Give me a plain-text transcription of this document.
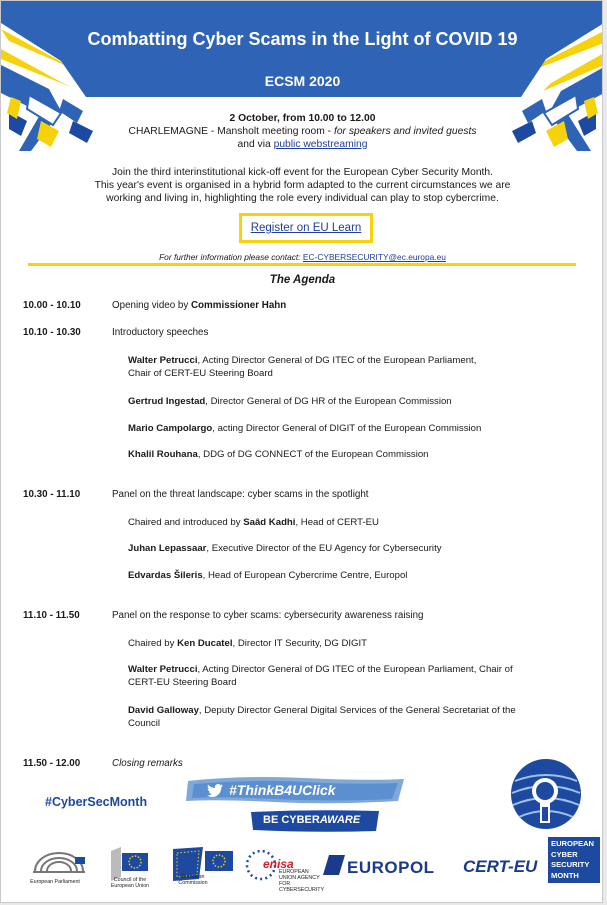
Combatting Cyber Scams in the Light of COVID 19
ECSM 2020
2 October, from 10.00 to 12.00
CHARLEMAGNE - Mansholt meeting room - for speakers and invited guests
and via public webstreaming
Join the third interinstitutional kick-off event for the European Cyber Security Month.
This year's event is organised in a hybrid form adapted to the current circumstances we are
working and living in, highlighting the role every individual can play to stop cybercrime.
Register on EU Learn
For further information please contact: EC-CYBERSECURITY@ec.europa.eu
The Agenda
10.00 - 10.10	Opening video by Commissioner Hahn
10.10 - 10.30	Introductory speeches
Walter Petrucci, Acting Director General of DG ITEC of the European Parliament,
Chair of CERT-EU Steering Board
Gertrud Ingestad, Director General of DG HR of the European Commission
Mario Campolargo, acting Director General of DIGIT of the European Commission
Khalil Rouhana, DDG of DG CONNECT of the European Commission
10.30 - 11.10	Panel on the threat landscape: cyber scams in the spotlight
Chaired and introduced by Saâd Kadhi, Head of CERT-EU
Juhan Lepassaar, Executive Director of the EU Agency for Cybersecurity
Edvardas Šileris, Head of European Cybercrime Centre, Europol
11.10 - 11.50	Panel on the response to cyber scams: cybersecurity awareness raising
Chaired by Ken Ducatel, Director IT Security, DG DIGIT
Walter Petrucci, Acting Director General of DG ITEC of the European Parliament, Chair of
CERT-EU Steering Board
David Galloway, Deputy Director General Digital Services of the General Secretariat of the
Council
11.50 - 12.00	Closing remarks
#CyberSecMonth
#ThinkB4UClick
BE CYBERAWARE
EUROPEAN
CYBER
SECURITY
MONTH
European Parliament	Council of the
European Union
European
Commission
enisa
EUROPEAN
UNION AGENCY
FOR CYBERSECURITY
EUROPOL CERT-EU
